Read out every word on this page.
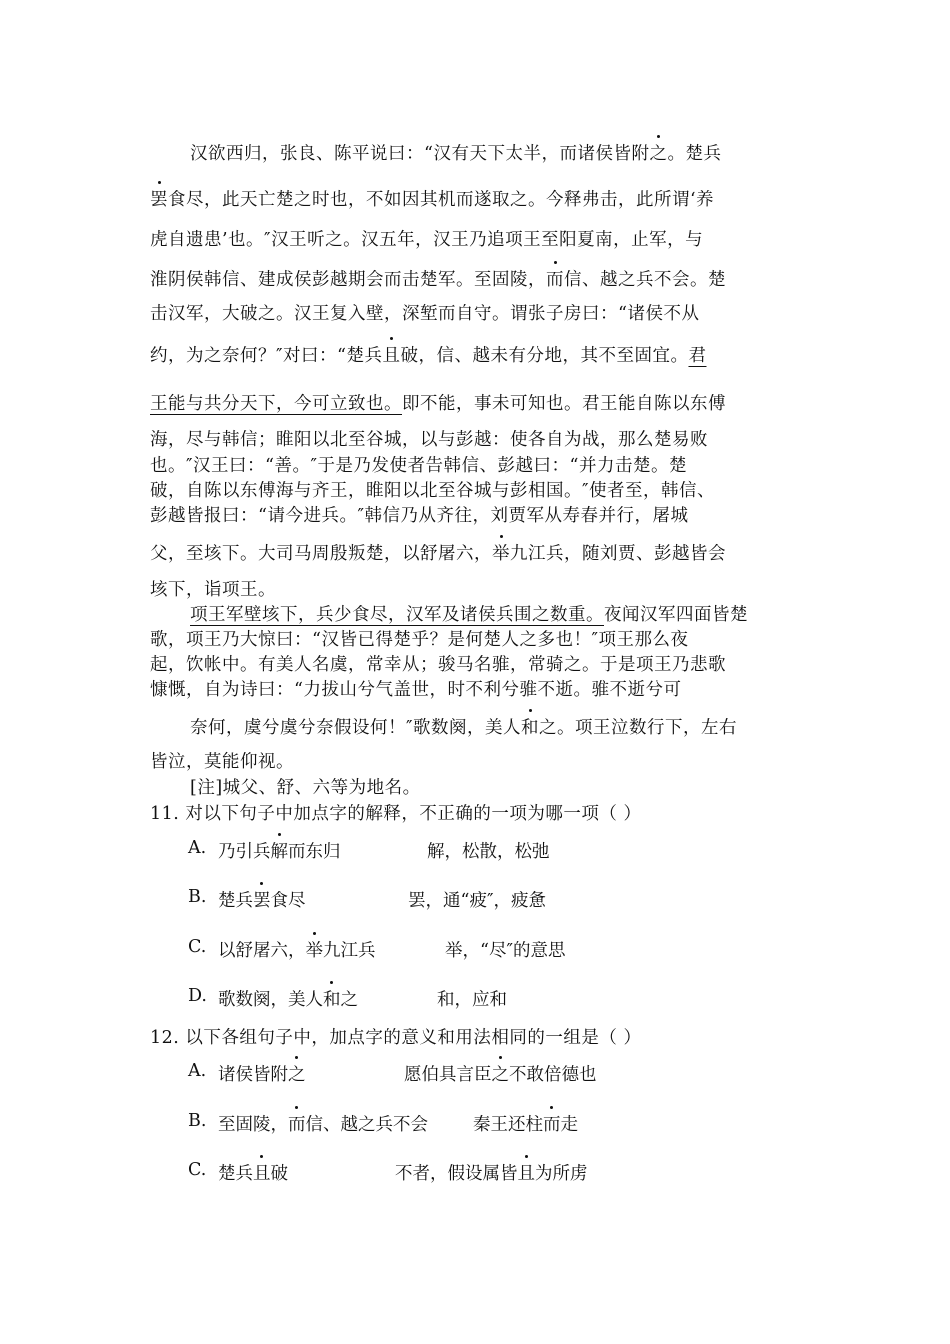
汉欲西归，张良、陈平说曰：“汉有天下太半，而诸侯皆附之。楚兵
罢食尽，此天亡楚之时也，不如因其机而遂取之。今释弗击，此所谓‘养
虎自遗患’也。″汉王听之。汉五年，汉王乃追项王至阳夏南，止军，与
淮阴侯韩信、建成侯彭越期会而击楚军。至固陵，而信、越之兵不会。楚
击汉军，大破之。汉王复入壁，深堑而自守。谓张子房曰：“诸侯不从
约，为之奈何？″对曰：“楚兵且破，信、越未有分地，其不至固宜。君
王能与共分天下，今可立致也。即不能，事未可知也。君王能自陈以东傅
海，尽与韩信；睢阳以北至谷城，以与彭越：使各自为战，那么楚易败
也。″汉王曰：“善。″于是乃发使者告韩信、彭越曰：“并力击楚。楚
破，自陈以东傅海与齐王，睢阳以北至谷城与彭相国。″使者至，韩信、
彭越皆报曰：“请今进兵。″韩信乃从齐往，刘贾军从寿春并行，屠城
父，至垓下。大司马周殷叛楚，以舒屠六，举九江兵，随刘贾、彭越皆会
垓下，诣项王。
项王军壁垓下，兵少食尽，汉军及诸侯兵围之数重。夜闻汉军四面皆楚
歌，项王乃大惊曰：“汉皆已得楚乎？是何楚人之多也！″项王那么夜
起，饮帐中。有美人名虞，常幸从；骏马名骓，常骑之。于是项王乃悲歌
慷慨，自为诗曰：“力拔山兮气盖世，时不利兮骓不逝。骓不逝兮可
奈何，虞兮虞兮奈假设何！″歌数阕，美人和之。项王泣数行下，左右
皆泣，莫能仰视。
[注]城父、舒、六等为地名。
11. 对以下句子中加点字的解释，不正确的一项为哪一项（ ）
A. 乃引兵解而东归	解，松散，松弛
B. 楚兵罢食尽	罢，通“疲″，疲惫
C. 以舒屠六，举九江兵	举，“尽″的意思
D. 歌数阕，美人和之	和，应和
12. 以下各组句子中，加点字的意义和用法相同的一组是（ ）
A. 诸侯皆附之	愿伯具言臣之不敢倍德也
B. 至固陵，而信、越之兵不会	秦王还柱而走
C. 楚兵且破	不者，假设属皆且为所虏
